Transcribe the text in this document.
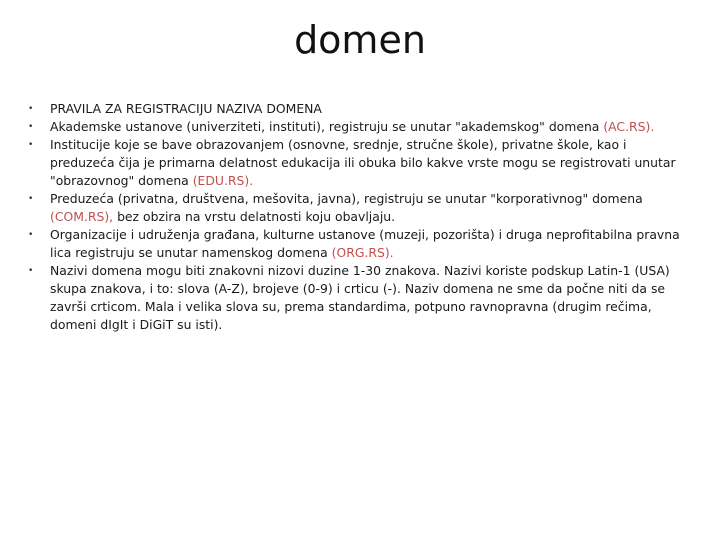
domen
• PRAVILA ZA REGISTRACIJU NAZIVA DOMENA
• Akademske ustanove (univerziteti, instituti), registruju se unutar "akademskog" domena (AC.RS).
• Institucije koje se bave obrazovanjem (osnovne, srednje, stručne škole), privatne škole, kao i preduzeća čija je primarna delatnost edukacija ili obuka bilo kakve vrste mogu se registrovati unutar "obrazovnog" domena (EDU.RS).
• Preduzeća (privatna, društvena, mešovita, javna), registruju se unutar "korporativnog" domena (COM.RS), bez obzira na vrstu delatnosti koju obavljaju.
• Organizacije i udruženja građana, kulturne ustanove (muzeji, pozorišta) i druga neprofitabilna pravna lica registruju se unutar namenskog domena (ORG.RS).
• Nazivi domena mogu biti znakovni nizovi duzine 1-30 znakova. Nazivi koriste podskup Latin-1 (USA) skupa znakova, i to: slova (A-Z), brojeve (0-9) i crticu (-). Naziv domena ne sme da počne niti da se završi crticom. Mala i velika slova su, prema standardima, potpuno ravnopravna (drugim rečima, domeni dIgIt i DiGiT su isti).
